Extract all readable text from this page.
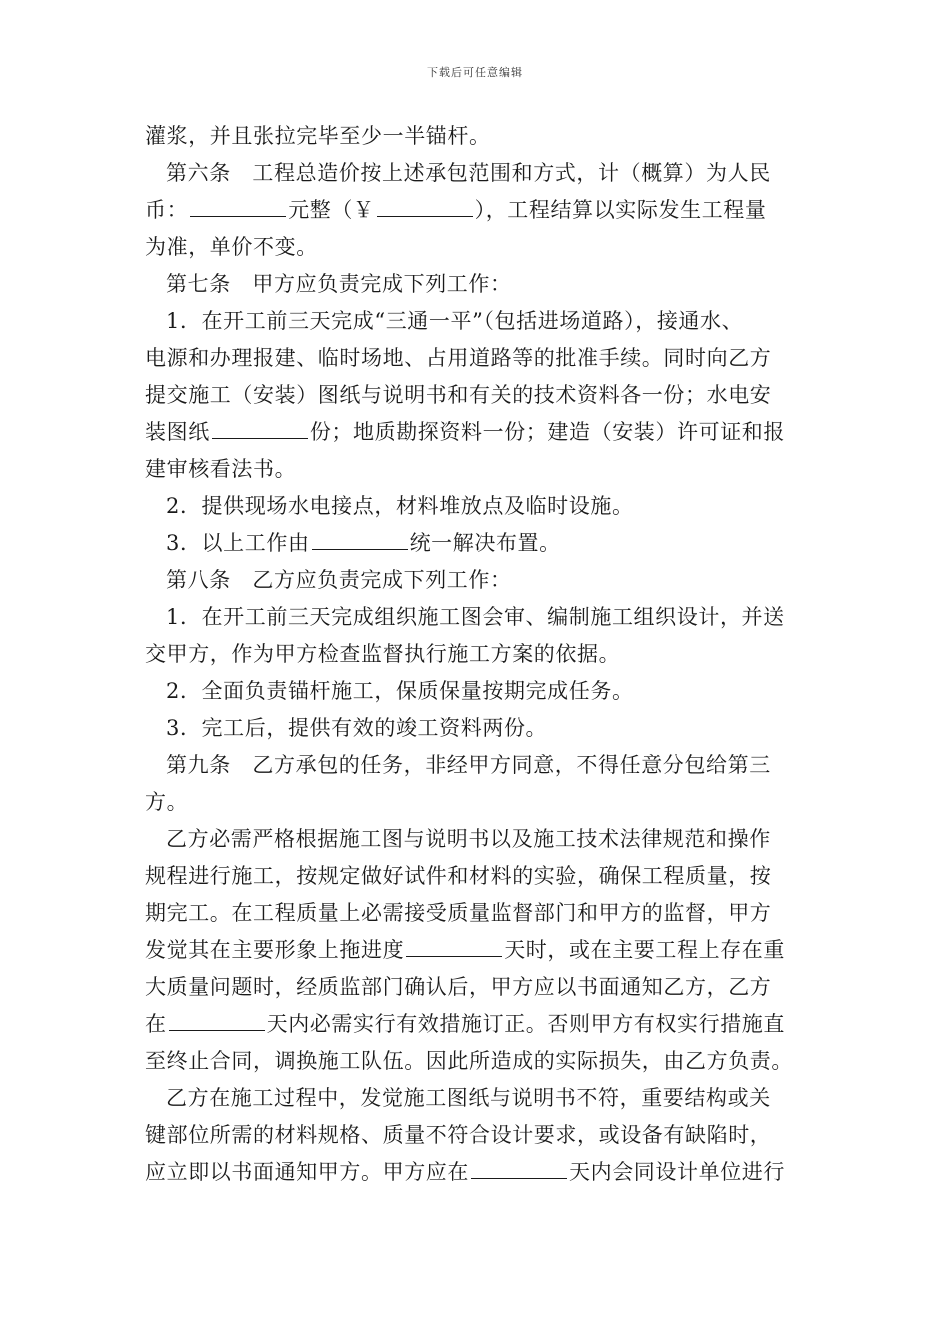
下载后可任意编辑

灌浆，并且张拉完毕至少一半锚杆。

第六条　工程总造价按上述承包范围和方式，计（概算）为人民

币：	元整（￥	），工程结算以实际发生工程量

为准，单价不变。

第七条　甲方应负责完成下列工作：

1．在开工前三天完成“三通一平”（包括进场道路），接通水、

电源和办理报建、临时场地、占用道路等的批准手续。同时向乙方

提交施工（安装）图纸与说明书和有关的技术资料各一份；水电安

装图纸	份；地质勘探资料一份；建造（安装）许可证和报

建审核看法书。

2．提供现场水电接点，材料堆放点及临时设施。

3．以上工作由	统一解决布置。

第八条　乙方应负责完成下列工作：

1．在开工前三天完成组织施工图会审、编制施工组织设计，并送

交甲方，作为甲方检查监督执行施工方案的依据。

2．全面负责锚杆施工，保质保量按期完成任务。

3．完工后，提供有效的竣工资料两份。

第九条　乙方承包的任务，非经甲方同意，不得任意分包给第三

方。

乙方必需严格根据施工图与说明书以及施工技术法律规范和操作

规程进行施工，按规定做好试件和材料的实验，确保工程质量，按

期完工。在工程质量上必需接受质量监督部门和甲方的监督，甲方

发觉其在主要形象上拖进度	天时，或在主要工程上存在重

大质量问题时，经质监部门确认后，甲方应以书面通知乙方，乙方

在	天内必需实行有效措施订正。否则甲方有权实行措施直

至终止合同，调换施工队伍。因此所造成的实际损失，由乙方负责。

乙方在施工过程中，发觉施工图纸与说明书不符，重要结构或关

键部位所需的材料规格、质量不符合设计要求，或设备有缺陷时，

应立即以书面通知甲方。甲方应在	天内会同设计单位进行
